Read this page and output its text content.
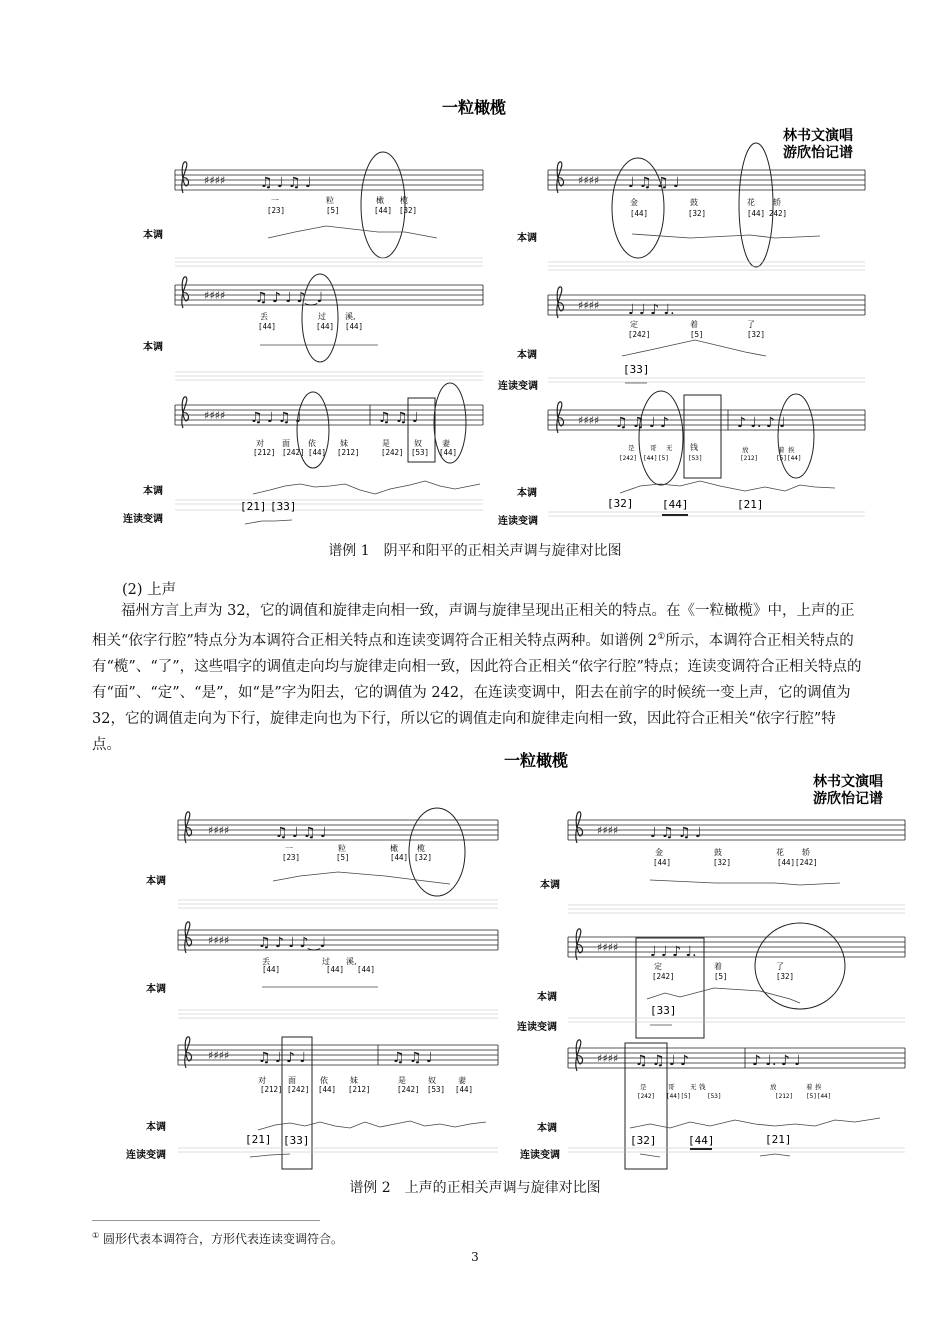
一粒橄榄
林书文演唱
游欣怡记谱
♯♯♯♯ ♫ ♩ ♫ ♩
一	粒	橄 榄
[23]	[5]	[44] [32]
本调
♯♯♯♯ ♫ ♪ ♩ ♪‿♩
丢	过 溪,
[44]	[44] [44]
本调
♯♯♯♯ ♫ ♩ ♫ ♩	♫ ♫ ♩
对 面 依	妹	是	奴	妻
[212] [242] [44] [212]	[242] [53] [44]
本调
[21] [33]
连读变调
♯♯♯♯ ♩ ♫ ♫ ♩
金	鼓	花 轿
[44]	[32]	[44] 242]
本调
♯♯♯♯ ♩ ♩ ♪ ♩.
定	着	了
[242]	[5]	[32]
本调
[33]
连读变调
♯♯♯♯ ♫ ♫ ♩ ♪	♪ ♩. ♪ ♩
是 哥 无 钱	放	着 挨
[242] [44] [5]	[53]	[212]	[5] [44]
本调
[32]	[44]	[21]
连读变调
谱例 1　阴平和阳平的正相关声调与旋律对比图
(2) 上声
福州方言上声为 32，它的调值和旋律走向相一致，声调与旋律呈现出正相关的特点。在《一粒橄榄》中，上声的正相关“依字行腔”特点分为本调符合正相关特点和连读变调符合正相关特点两种。如谱例 2①所示，本调符合正相关特点的有“榄”、“了”，这些唱字的调值走向均与旋律走向相一致，因此符合正相关“依字行腔”特点；连读变调符合正相关特点的有“面”、“定”、“是”，如“是”字为阳去，它的调值为 242，在连读变调中，阳去在前字的时候统一变上声，它的调值为 32，它的调值走向为下行，旋律走向也为下行，所以它的调值走向和旋律走向相一致，因此符合正相关“依字行腔”特点。
一粒橄榄
林书文演唱
游欣怡记谱
♯♯♯♯	♫ ♩ ♫ ♩
一	粒	橄 榄
[23]	[5]	[44] [32]
本调
♯♯♯♯ ♫ ♪ ♩ ♪‿♩
丢	过 溪,
[44]	[44] [44]
本调
♯♯♯♯ ♫ ♩ ♪ ♩	♫ ♫ ♩
对	面	依	妹	是	奴	妻
[212] [242] [44] [212]	[242] [53] [44]
本调
[21] [33]
连读变调
♯♯♯♯ ♩ ♫ ♫ ♩
金	鼓	花 轿
[44]	[32]	[44][242]
本调
♯♯♯♯ ♩ ♩ ♪ ♩.
定	着	了
[242]	[5]	[32]
本调
[33]
连读变调
♯♯♯♯ ♫ ♫ ♩ ♪	♪ ♩. ♪ ♩
是	哥 无 钱	放	着 挨
[242] [44][5]	[53]	[212] [5][44]
本调
[32]	[44]	[21]
连读变调
谱例 2　上声的正相关声调与旋律对比图
① 圆形代表本调符合，方形代表连读变调符合。
3
